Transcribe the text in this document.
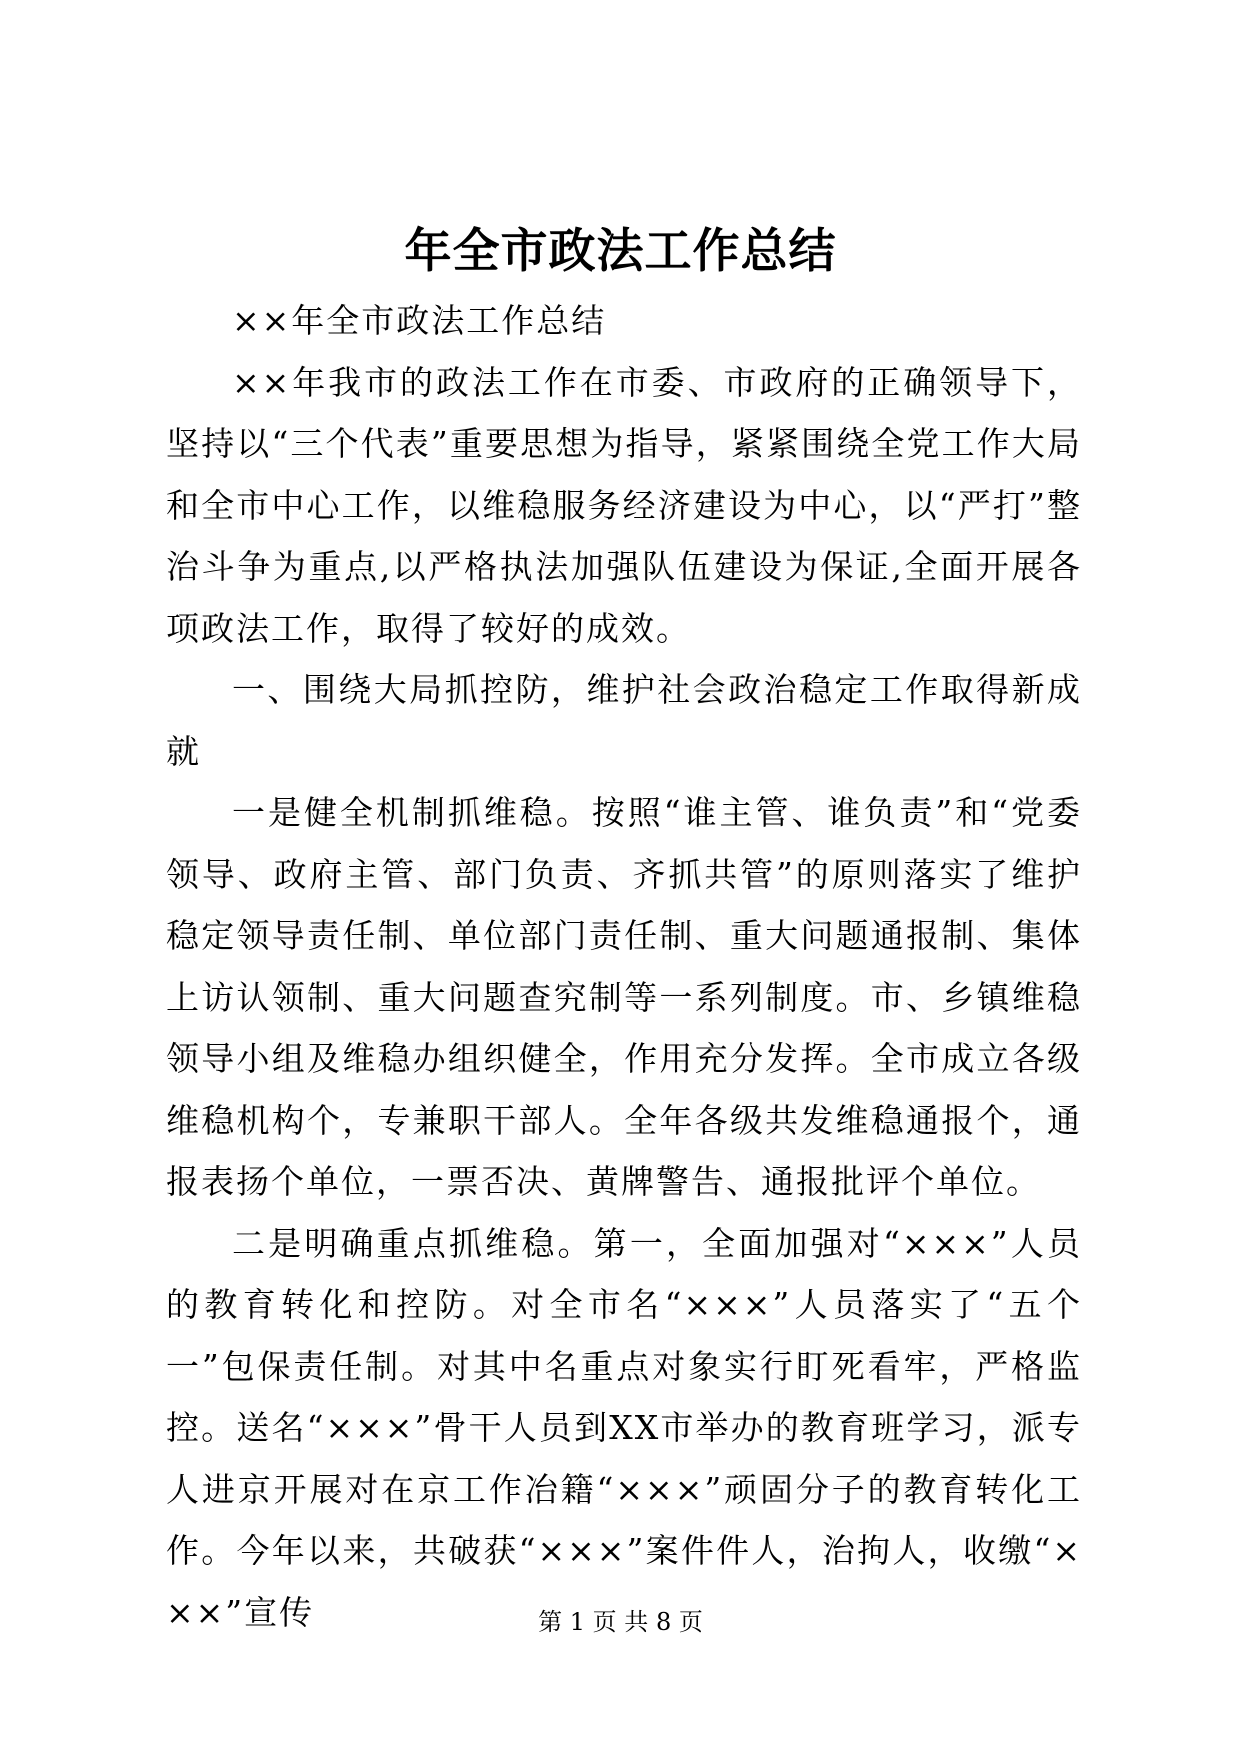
年全市政法工作总结

××年全市政法工作总结

××年我市的政法工作在市委、市政府的正确领导下，坚持以“三个代表”重要思想为指导，紧紧围绕全党工作大局和全市中心工作，以维稳服务经济建设为中心，以“严打”整治斗争为重点,以严格执法加强队伍建设为保证,全面开展各项政法工作，取得了较好的成效。

一、围绕大局抓控防，维护社会政治稳定工作取得新成就

一是健全机制抓维稳。按照“谁主管、谁负责”和“党委领导、政府主管、部门负责、齐抓共管”的原则落实了维护稳定领导责任制、单位部门责任制、重大问题通报制、集体上访认领制、重大问题查究制等一系列制度。市、乡镇维稳领导小组及维稳办组织健全，作用充分发挥。全市成立各级维稳机构个，专兼职干部人。全年各级共发维稳通报个，通报表扬个单位，一票否决、黄牌警告、通报批评个单位。

二是明确重点抓维稳。第一，全面加强对“×××”人员的教育转化和控防。对全市名“×××”人员落实了“五个一”包保责任制。对其中名重点对象实行盯死看牢，严格监控。送名“×××”骨干人员到XX市举办的教育班学习，派专人进京开展对在京工作冶籍“×××”顽固分子的教育转化工作。今年以来，共破获“×××”案件件人，治拘人，收缴“×××”宣传	第 1 页 共 8 页
